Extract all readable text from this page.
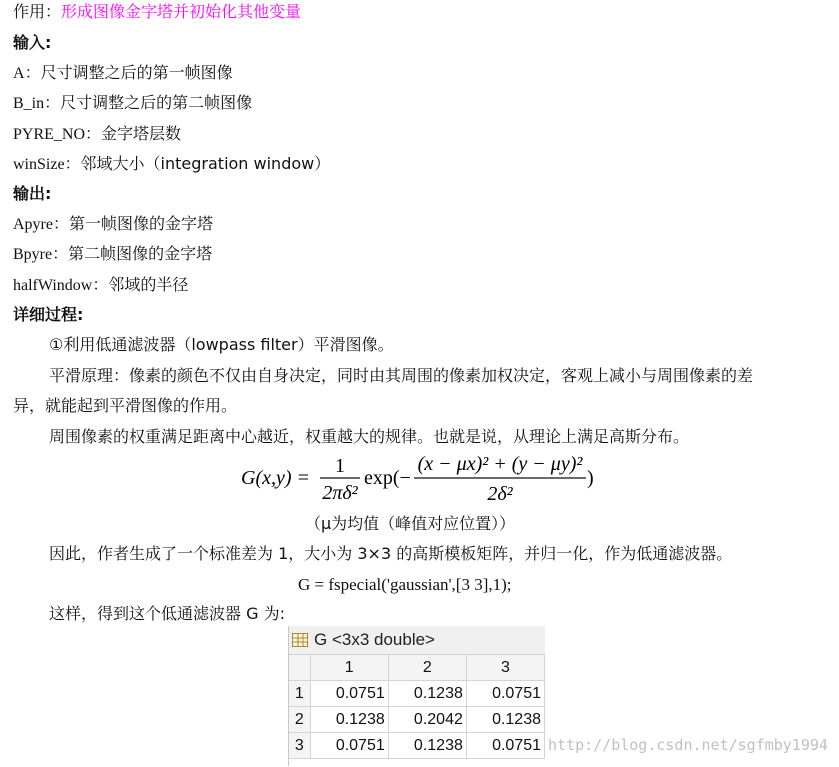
作用：形成图像金字塔并初始化其他变量
输入:
A：尺寸调整之后的第一帧图像
B_in：尺寸调整之后的第二帧图像
PYRE_NO：金字塔层数
winSize：邻域大小（integration window）
输出:
Apyre：第一帧图像的金字塔
Bpyre：第二帧图像的金字塔
halfWindow：邻域的半径
详细过程:
①利用低通滤波器（lowpass filter）平滑图像。
平滑原理：像素的颜色不仅由自身决定，同时由其周围的像素加权决定，客观上减小与周围像素的差
异，就能起到平滑图像的作用。
周围像素的权重满足距离中心越近，权重越大的规律。也就是说，从理论上满足高斯分布。
G(x,y) =
1
2πδ²
exp(−
(x − μx)² + (y − μy)²
2δ²
)
（μ为均值（峰值对应位置））
因此，作者生成了一个标准差为 1，大小为 3×3 的高斯模板矩阵，并归一化，作为低通滤波器。
G = fspecial('gaussian',[3 3],1);
这样，得到这个低通滤波器 G 为:
G <3x3 double>
	1	2	3
1	0.0751	0.1238	0.0751
2	0.1238	0.2042	0.1238
3	0.0751	0.1238	0.0751 http://blog.csdn.net/sgfmby1994
